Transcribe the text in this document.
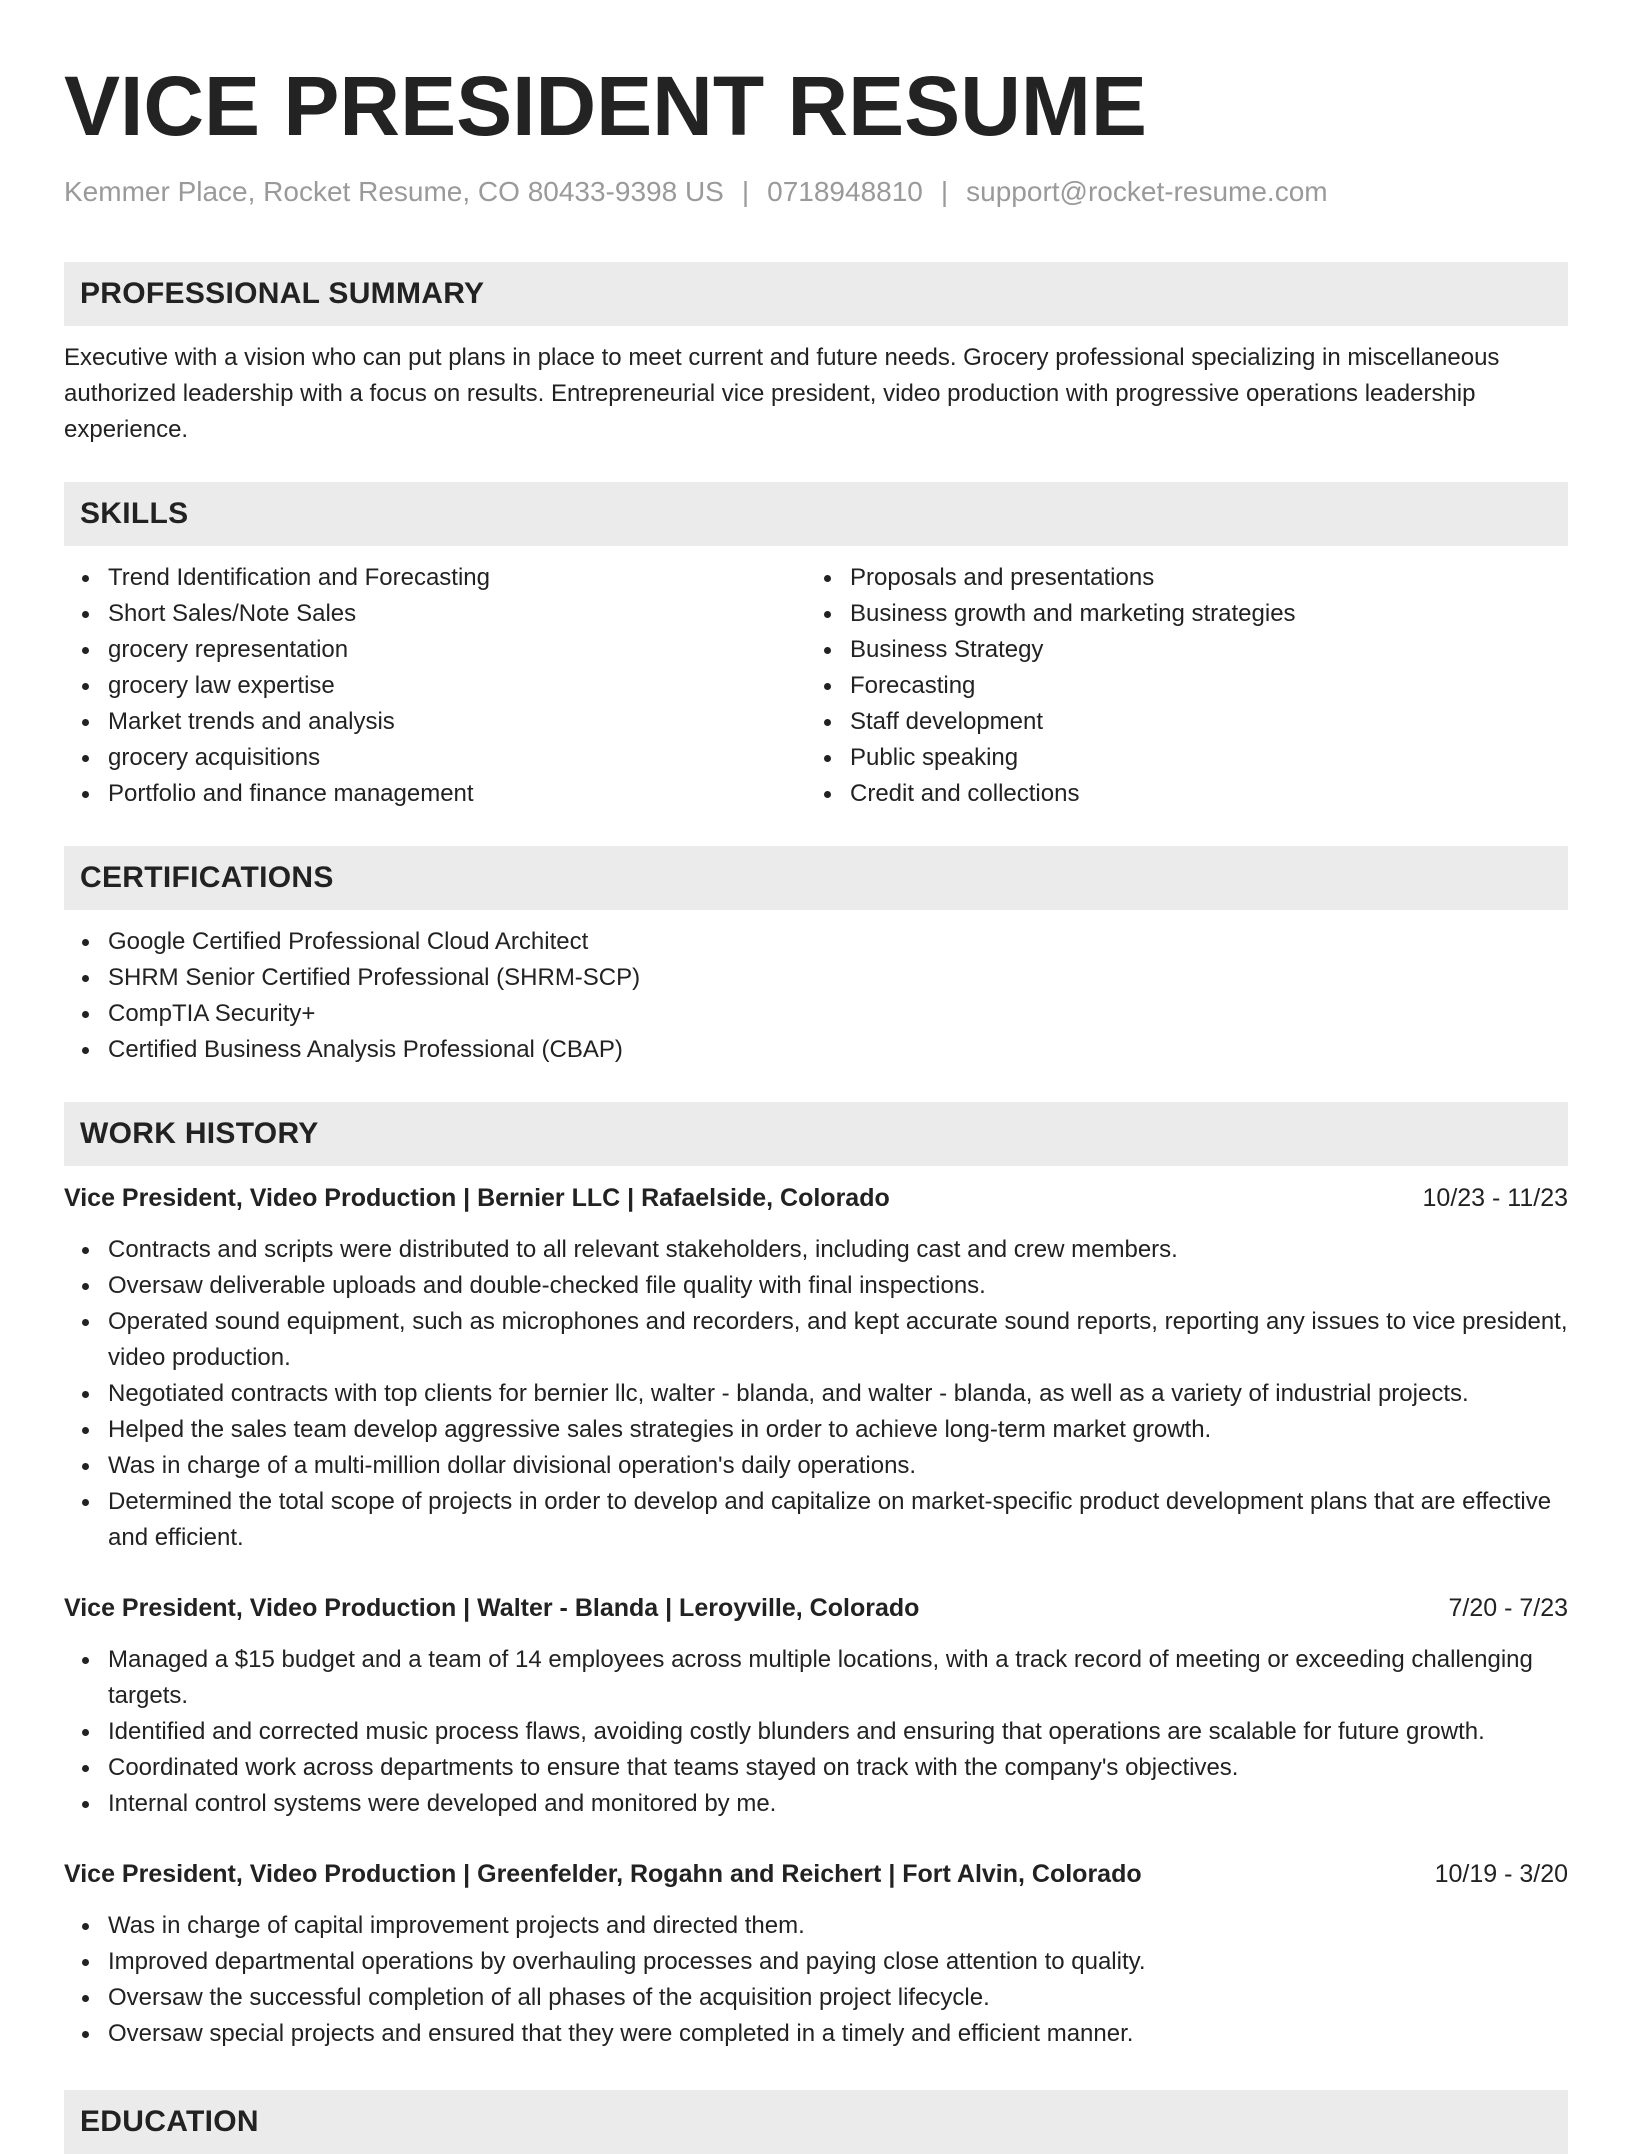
VICE PRESIDENT RESUME
Kemmer Place, Rocket Resume, CO 80433-9398 US | 0718948810 | support@rocket-resume.com
PROFESSIONAL SUMMARY

Executive with a vision who can put plans in place to meet current and future needs. Grocery professional specializing in miscellaneous authorized leadership with a focus on results. Entrepreneurial vice president, video production with progressive operations leadership experience.

SKILLS
Trend Identification and Forecasting
Short Sales/Note Sales
grocery representation
grocery law expertise
Market trends and analysis
grocery acquisitions
Portfolio and finance management
Proposals and presentations
Business growth and marketing strategies
Business Strategy
Forecasting
Staff development
Public speaking
Credit and collections
CERTIFICATIONS
Google Certified Professional Cloud Architect
SHRM Senior Certified Professional (SHRM-SCP)
CompTIA Security+
Certified Business Analysis Professional (CBAP)
WORK HISTORY
Vice President, Video Production | Bernier LLC | Rafaelside, Colorado	10/23 - 11/23
Contracts and scripts were distributed to all relevant stakeholders, including cast and crew members.
Oversaw deliverable uploads and double-checked file quality with final inspections.
Operated sound equipment, such as microphones and recorders, and kept accurate sound reports, reporting any issues to vice president, video production.
Negotiated contracts with top clients for bernier llc, walter - blanda, and walter - blanda, as well as a variety of industrial projects.
Helped the sales team develop aggressive sales strategies in order to achieve long-term market growth.
Was in charge of a multi-million dollar divisional operation's daily operations.
Determined the total scope of projects in order to develop and capitalize on market-specific product development plans that are effective and efficient.
Vice President, Video Production | Walter - Blanda | Leroyville, Colorado	7/20 - 7/23
Managed a $15 budget and a team of 14 employees across multiple locations, with a track record of meeting or exceeding challenging targets.
Identified and corrected music process flaws, avoiding costly blunders and ensuring that operations are scalable for future growth.
Coordinated work across departments to ensure that teams stayed on track with the company's objectives.
Internal control systems were developed and monitored by me.
Vice President, Video Production | Greenfelder, Rogahn and Reichert | Fort Alvin, Colorado	10/19 - 3/20
Was in charge of capital improvement projects and directed them.
Improved departmental operations by overhauling processes and paying close attention to quality.
Oversaw the successful completion of all phases of the acquisition project lifecycle.
Oversaw special projects and ensured that they were completed in a timely and efficient manner.
EDUCATION
